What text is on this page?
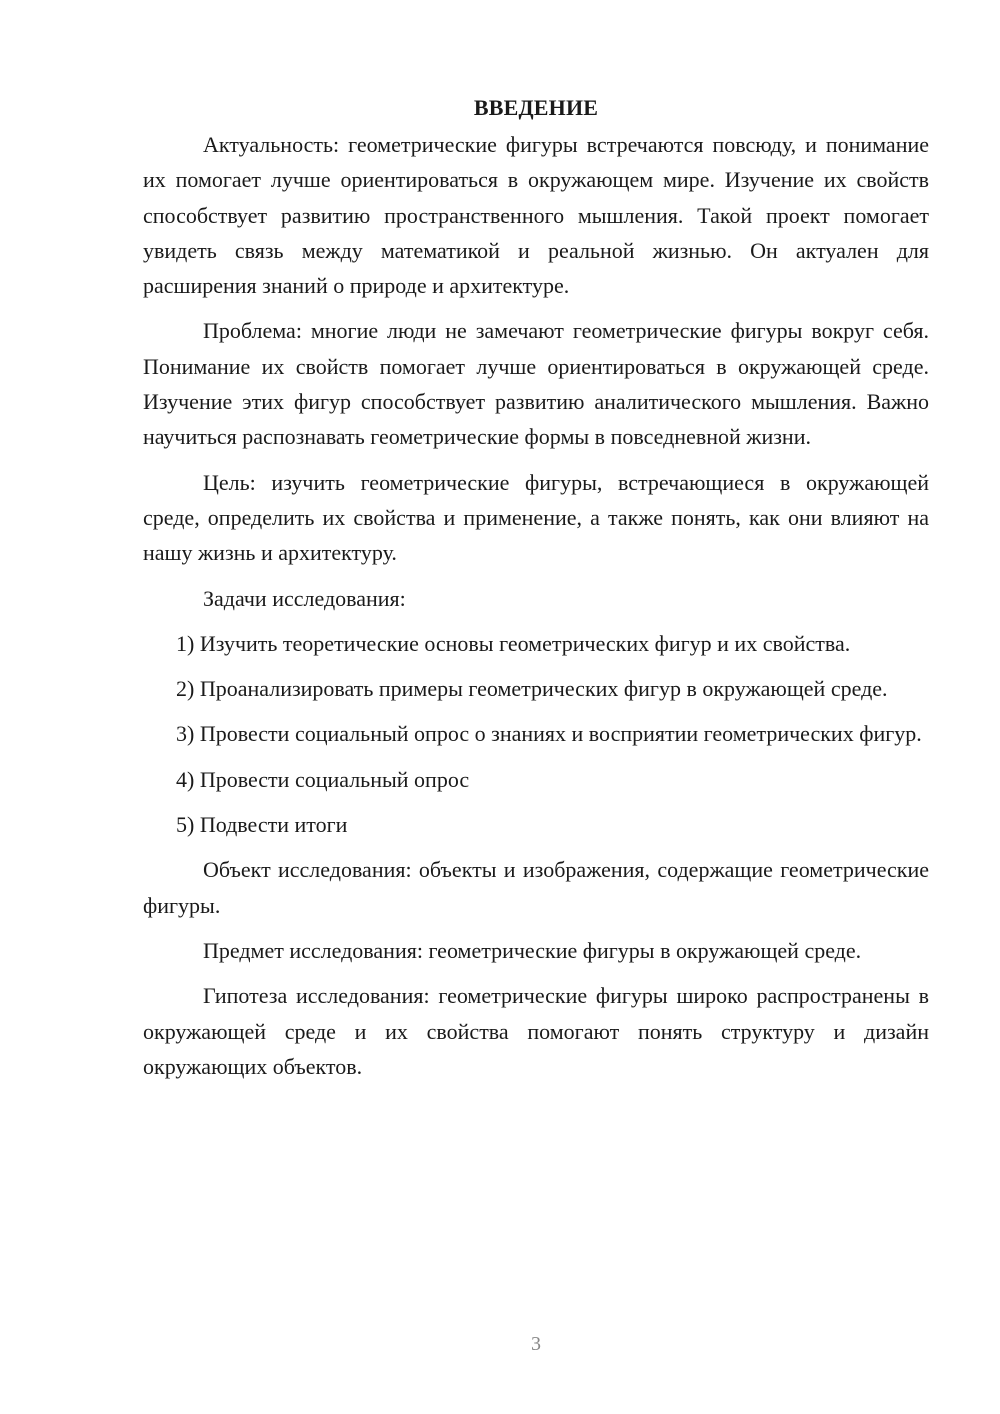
ВВЕДЕНИЕ

Актуальность: геометрические фигуры встречаются повсюду, и понимание их помогает лучше ориентироваться в окружающем мире. Изучение их свойств способствует развитию пространственного мышления. Такой проект помогает увидеть связь между математикой и реальной жизнью. Он актуален для расширения знаний о природе и архитектуре.

Проблема: многие люди не замечают геометрические фигуры вокруг себя. Понимание их свойств помогает лучше ориентироваться в окружающей среде. Изучение этих фигур способствует развитию аналитического мышления. Важно научиться распознавать геометрические формы в повседневной жизни.

Цель: изучить геометрические фигуры, встречающиеся в окружающей среде, определить их свойства и применение, а также понять, как они влияют на нашу жизнь и архитектуру.

Задачи исследования:

1) Изучить теоретические основы геометрических фигур и их свойства.

2) Проанализировать примеры геометрических фигур в окружающей среде.

3) Провести социальный опрос о знаниях и восприятии геометрических фигур.

4) Провести социальный опрос

5) Подвести итоги

Объект исследования: объекты и изображения, содержащие геометрические фигуры.

Предмет исследования: геометрические фигуры в окружающей среде.

Гипотеза исследования: геометрические фигуры широко распространены в окружающей среде и их свойства помогают понять структуру и дизайн окружающих объектов.

3
